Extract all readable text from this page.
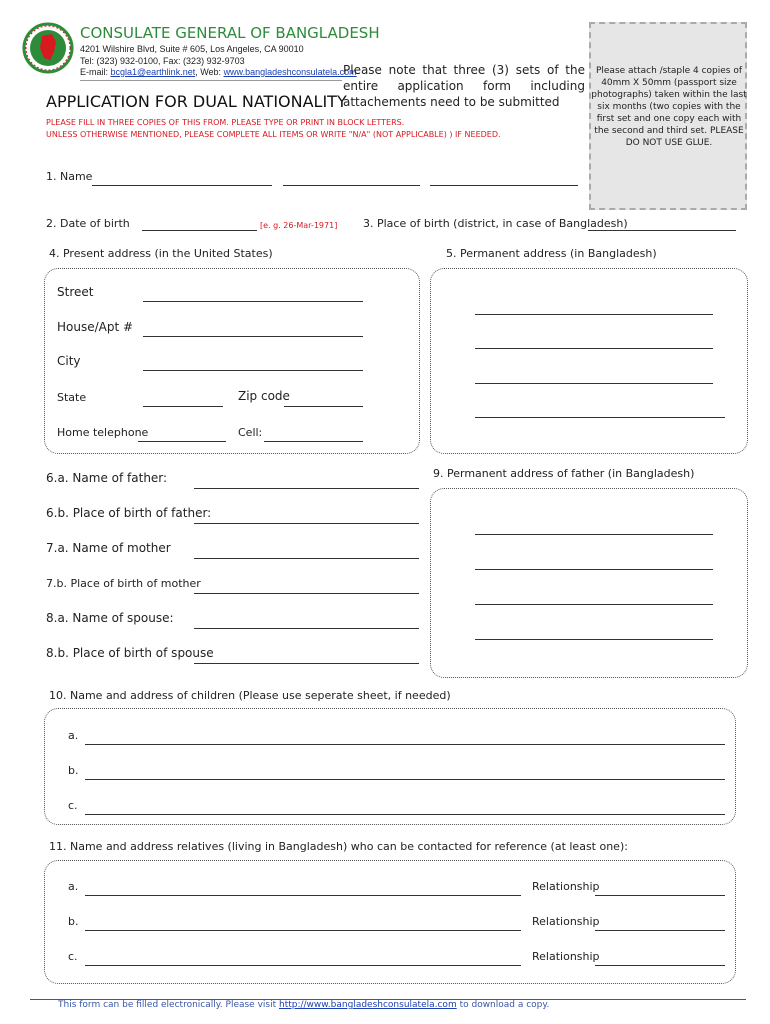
CONSULATE GENERAL OF BANGLADESH
4201 Wilshire Blvd, Suite # 605, Los Angeles, CA 90010
Tel: (323) 932-0100, Fax: (323) 932-9703
E-mail: bcgla1@earthlink.net, Web: www.bangladeshconsulatela.com
Please note that three (3) sets of the entire application form including attachements need to be submitted
APPLICATION FOR DUAL NATIONALITY
PLEASE FILL IN THREE COPIES OF THIS FROM. PLEASE TYPE OR PRINT IN BLOCK LETTERS.
UNLESS OTHERWISE MENTIONED, PLEASE COMPLETE ALL ITEMS OR WRITE "N/A" (NOT APPLICABLE) ) IF NEEDED.
Please attach /staple 4 copies of 40mm X 50mm (passport size photographs) taken within the last six months (two copies with the first set and one copy each with the second and third set. PLEASE DO NOT USE GLUE.
1. Name
2. Date of birth	[e. g. 26-Mar-1971] 3. Place of birth (district, in case of Bangladesh)
4. Present address (in the United States)	5. Permanent address (in Bangladesh)
Street
House/Apt #
City
State	Zip code
Home telephone	Cell:
6.a. Name of father:
6.b. Place of birth of father:
7.a. Name of mother
7.b. Place of birth of mother
8.a. Name of spouse:
8.b. Place of birth of spouse
9. Permanent address of father (in Bangladesh)
10. Name and address of children (Please use seperate sheet, if needed)
a.
b.
c.
11. Name and address relatives (living in Bangladesh) who can be contacted for reference (at least one):
a.	Relationship
b.	Relationship
c.	Relationship
This form can be filled electronically. Please visit http://www.bangladeshconsulatela.com to download a copy.
